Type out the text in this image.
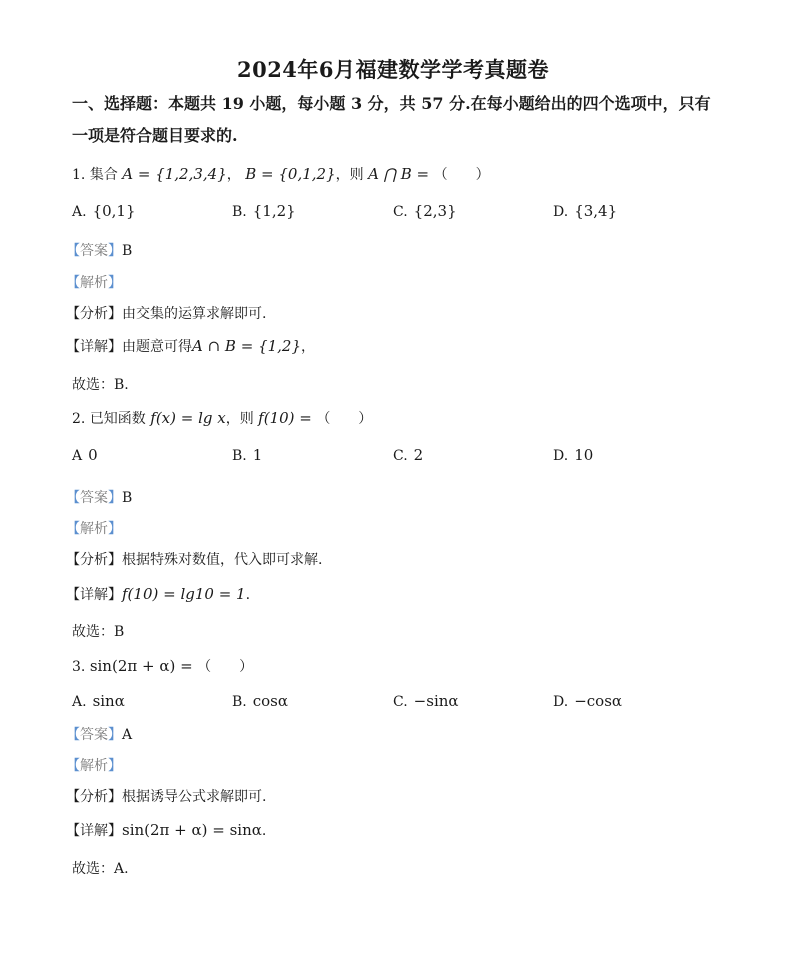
2024年6月福建数学学考真题卷
一、选择题：本题共 19 小题，每小题 3 分，共 57 分.在每小题给出的四个选项中，只有一项是符合题目要求的.
1. 集合 A = {1,2,3,4}， B = {0,1,2}，则 A ⋂ B = （　　）
A. {0,1}	B. {1,2}	C. {2,3}	D. {3,4}
【答案】B
【解析】
【分析】由交集的运算求解即可.
【详解】由题意可得A ∩ B = {1,2}，
故选：B.
2. 已知函数 f(x) = lg x，则 f(10) = （　　）
A 0	B. 1	C. 2	D. 10
【答案】B
【解析】
【分析】根据特殊对数值，代入即可求解.
【详解】f(10) = lg10 = 1.
故选：B
3. sin(2π + α) = （　　）
A. sinα	B. cosα	C. −sinα	D. −cosα
【答案】A
【解析】
【分析】根据诱导公式求解即可.
【详解】sin(2π + α) = sinα.
故选：A.
